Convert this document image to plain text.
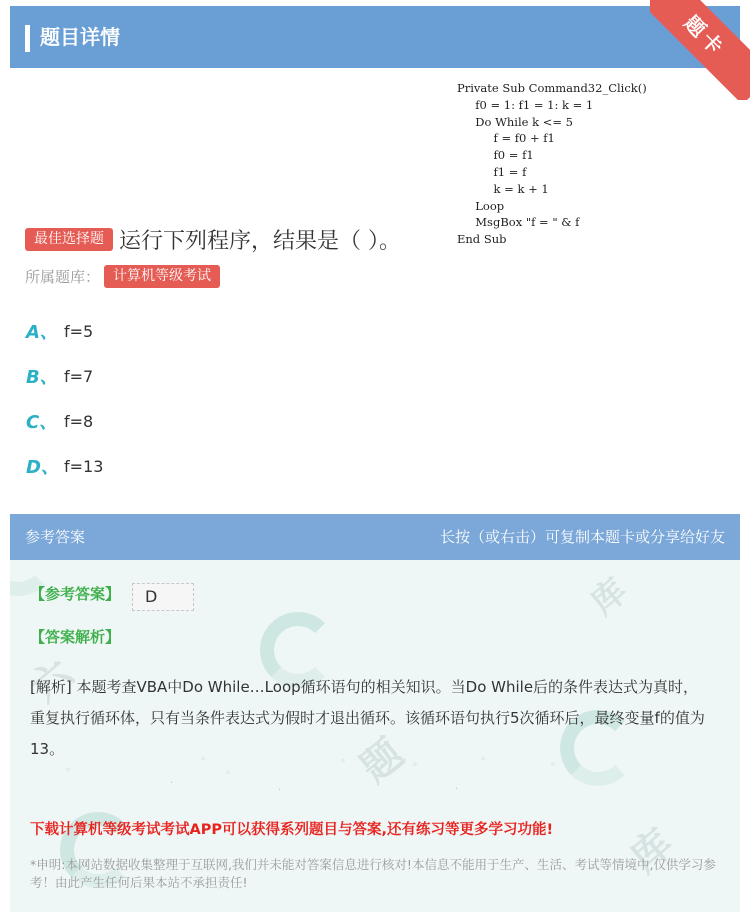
题目详情	题卡
Private Sub Command32_Click()
f0 = 1: f1 = 1: k = 1
Do While k <= 5
f = f0 + f1
f0 = f1
f1 = f
k = k + 1
Loop
MsgBox "f = " & f
End Sub
最佳选择题 运行下列程序，结果是（ ）。
所属题库： 计算机等级考试
A、 f=5
B、 f=7
C、 f=8
D、 f=13
参考答案	长按（或右击）可复制本题卡或分享给好友
六
题
库
库
◦
◦
◦
◦	◦
◦
◦
·
·	·
【参考答案】	D
【答案解析】
[解析] 本题考查VBA中Do While…Loop循环语句的相关知识。当Do While后的条件表达式为真时，重复执行循环体，只有当条件表达式为假时才退出循环。该循环语句执行5次循环后，最终变量f的值为13。
下载计算机等级考试考试APP可以获得系列题目与答案,还有练习等更多学习功能!
*申明:本网站数据收集整理于互联网,我们并未能对答案信息进行核对!本信息不能用于生产、生活、考试等情境中,仅供学习参考！由此产生任何后果本站不承担责任!
